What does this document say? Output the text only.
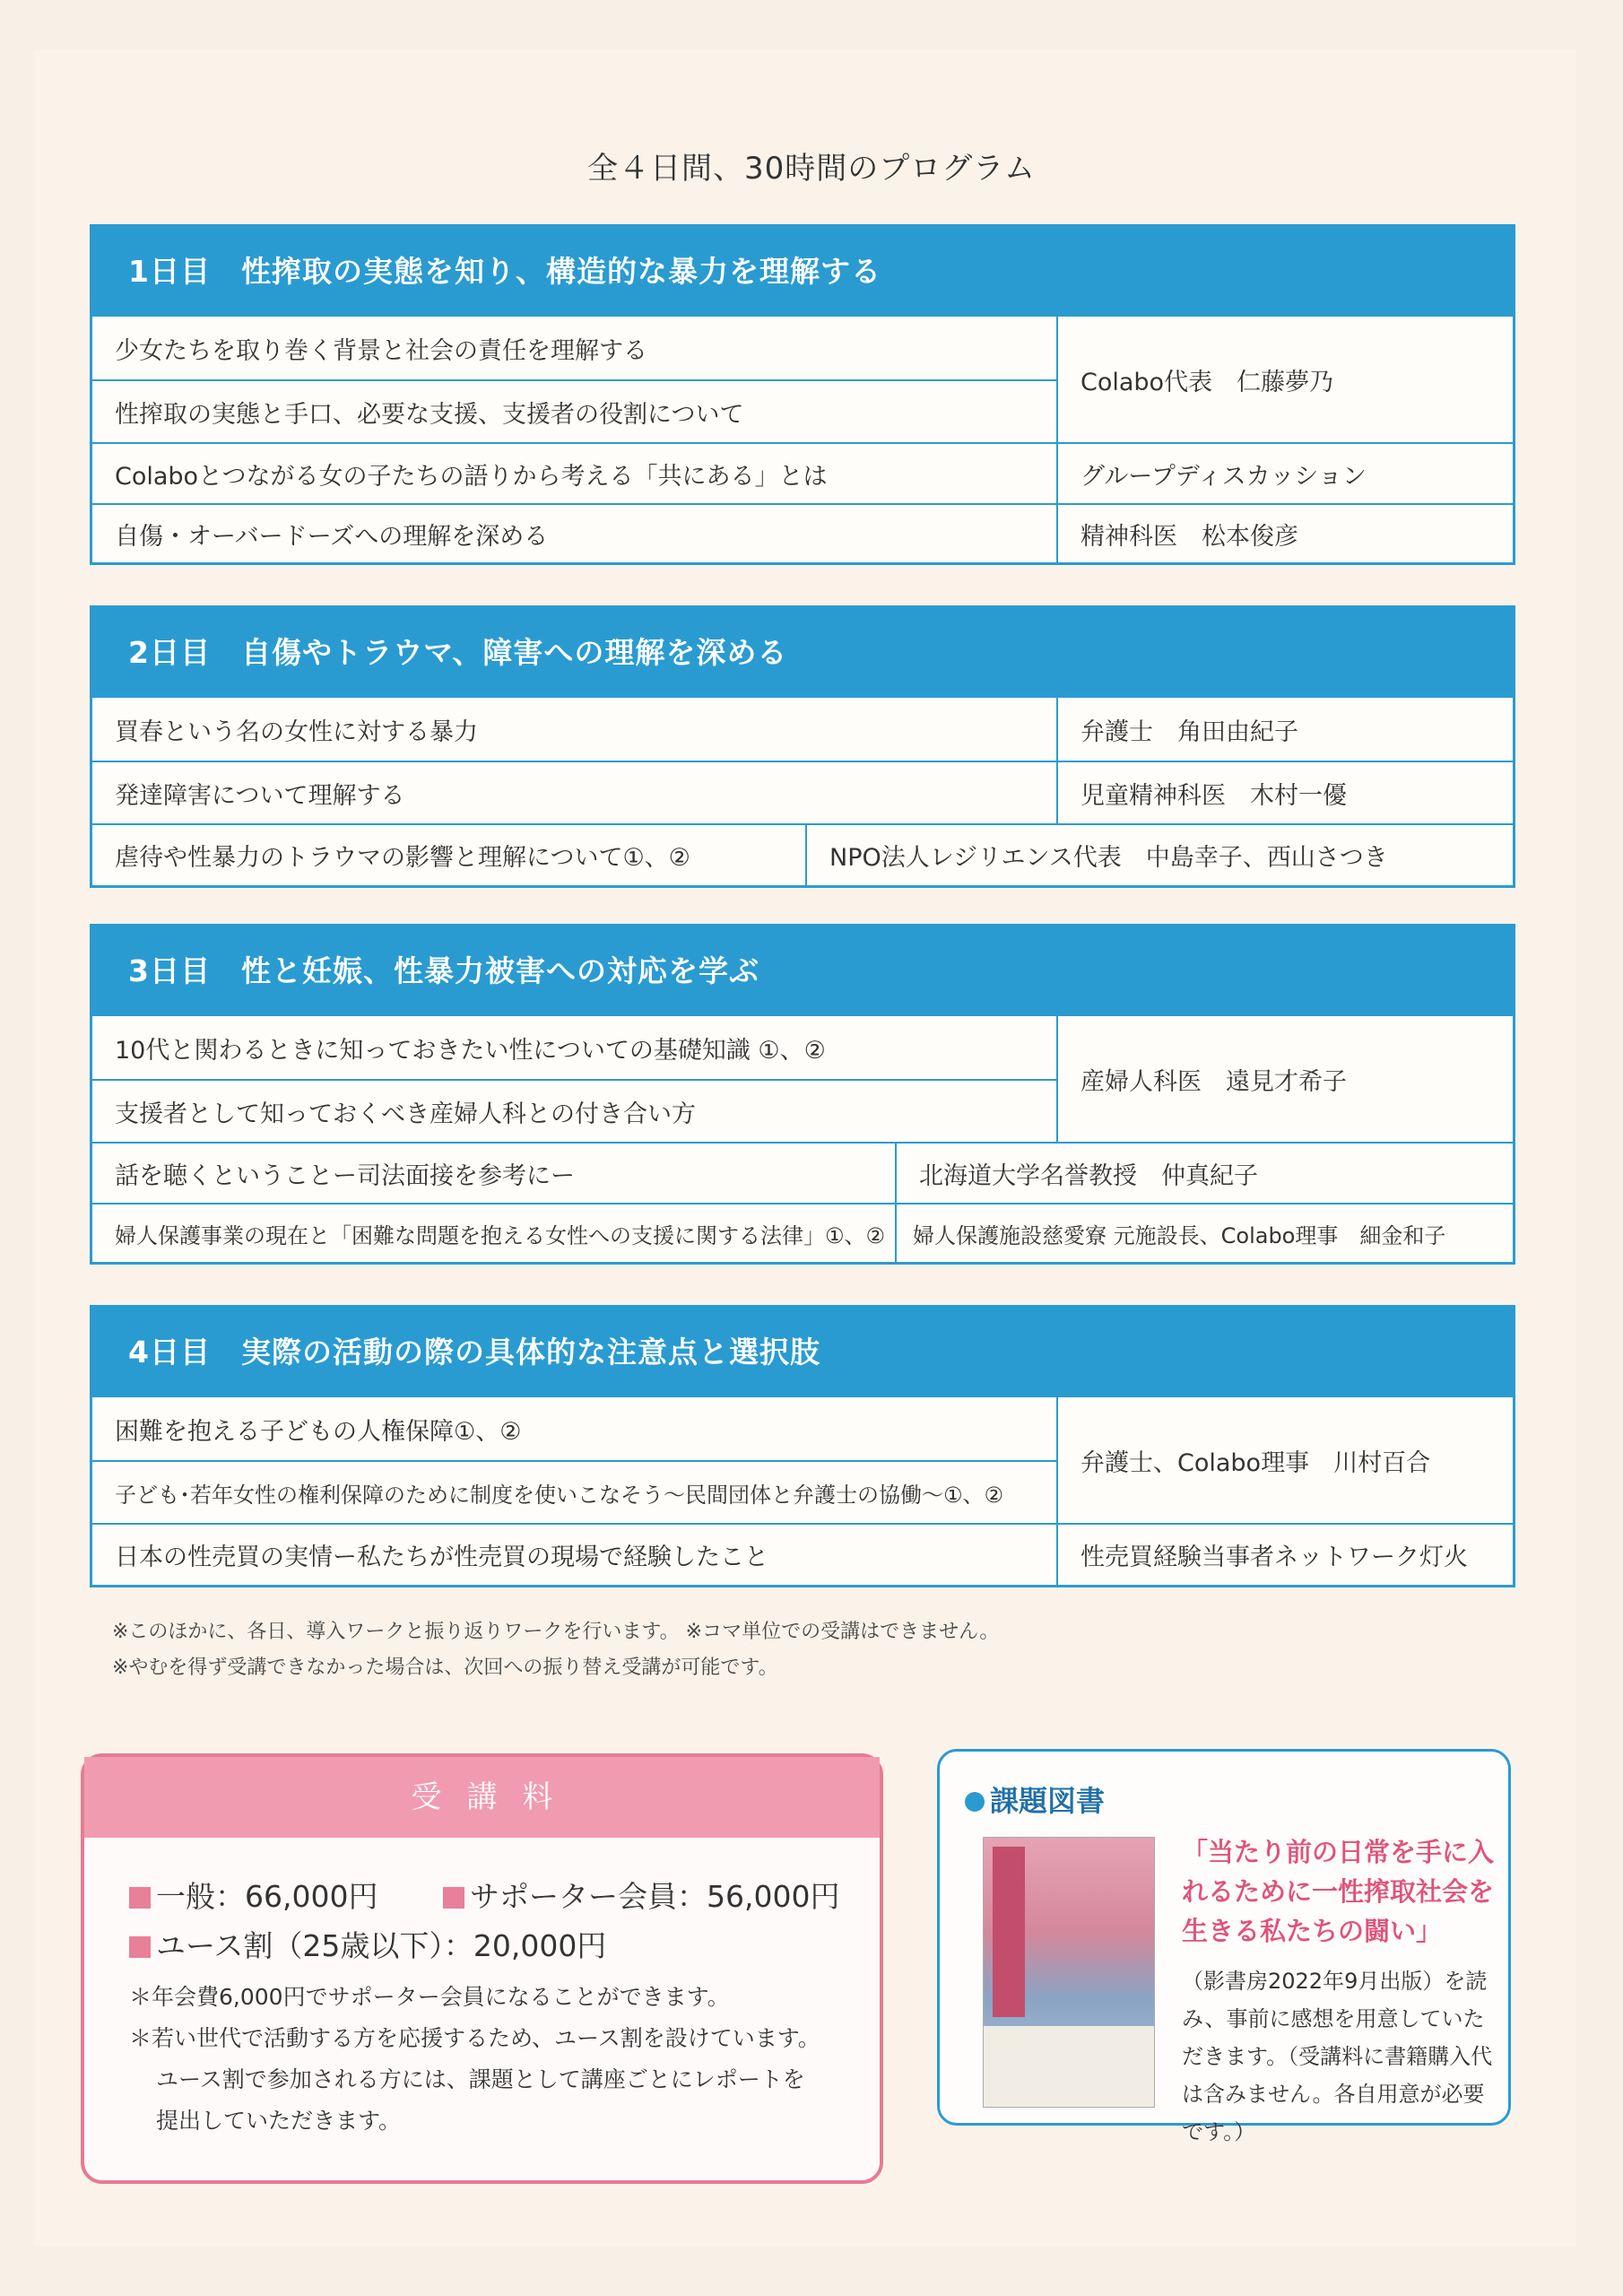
全４日間、30時間のプログラム
1日目　性搾取の実態を知り、構造的な暴力を理解する
少女たちを取り巻く背景と社会の責任を理解する
性搾取の実態と手口、必要な支援、支援者の役割について
Colaboとつながる女の子たちの語りから考える「共にある」とは
自傷・オーバードーズへの理解を深める
Colabo代表　仁藤夢乃
グループディスカッション
精神科医　松本俊彦
2日目　自傷やトラウマ、障害への理解を深める
買春という名の女性に対する暴力
発達障害について理解する
虐待や性暴力のトラウマの影響と理解について①、②
弁護士　角田由紀子
児童精神科医　木村一優
NPO法人レジリエンス代表　中島幸子、西山さつき
3日目　性と妊娠、性暴力被害への対応を学ぶ
10代と関わるときに知っておきたい性についての基礎知識 ①、②
支援者として知っておくべき産婦人科との付き合い方
話を聴くということー司法面接を参考にー
婦人保護事業の現在と「困難な問題を抱える女性への支援に関する法律」①、②
産婦人科医　遠見才希子
北海道大学名誉教授　仲真紀子
婦人保護施設慈愛寮 元施設長、Colabo理事　細金和子
4日目　実際の活動の際の具体的な注意点と選択肢
困難を抱える子どもの人権保障①、②
子ども･若年女性の権利保障のために制度を使いこなそう～民間団体と弁護士の協働～①、②
日本の性売買の実情ー私たちが性売買の現場で経験したこと
弁護士、Colabo理事　川村百合
性売買経験当事者ネットワーク灯火
※このほかに、各日、導入ワークと振り返りワークを行います。 ※コマ単位での受講はできません。
※やむを得ず受講できなかった場合は、次回への振り替え受講が可能です。
受講料
一般：66,000円	サポーター会員：56,000円
ユース割（25歳以下）：20,000円
＊年会費6,000円でサポーター会員になることができます。
＊若い世代で活動する方を応援するため、ユース割を設けています。
ユース割で参加される方には、課題として講座ごとにレポートを
提出していただきます。
課題図書
「当たり前の日常を手に入れるために一性搾取社会を生きる私たちの闘い」
（影書房2022年9月出版）を読み、事前に感想を用意していただきます。（受講料に書籍購入代は含みません。各自用意が必要です。）
